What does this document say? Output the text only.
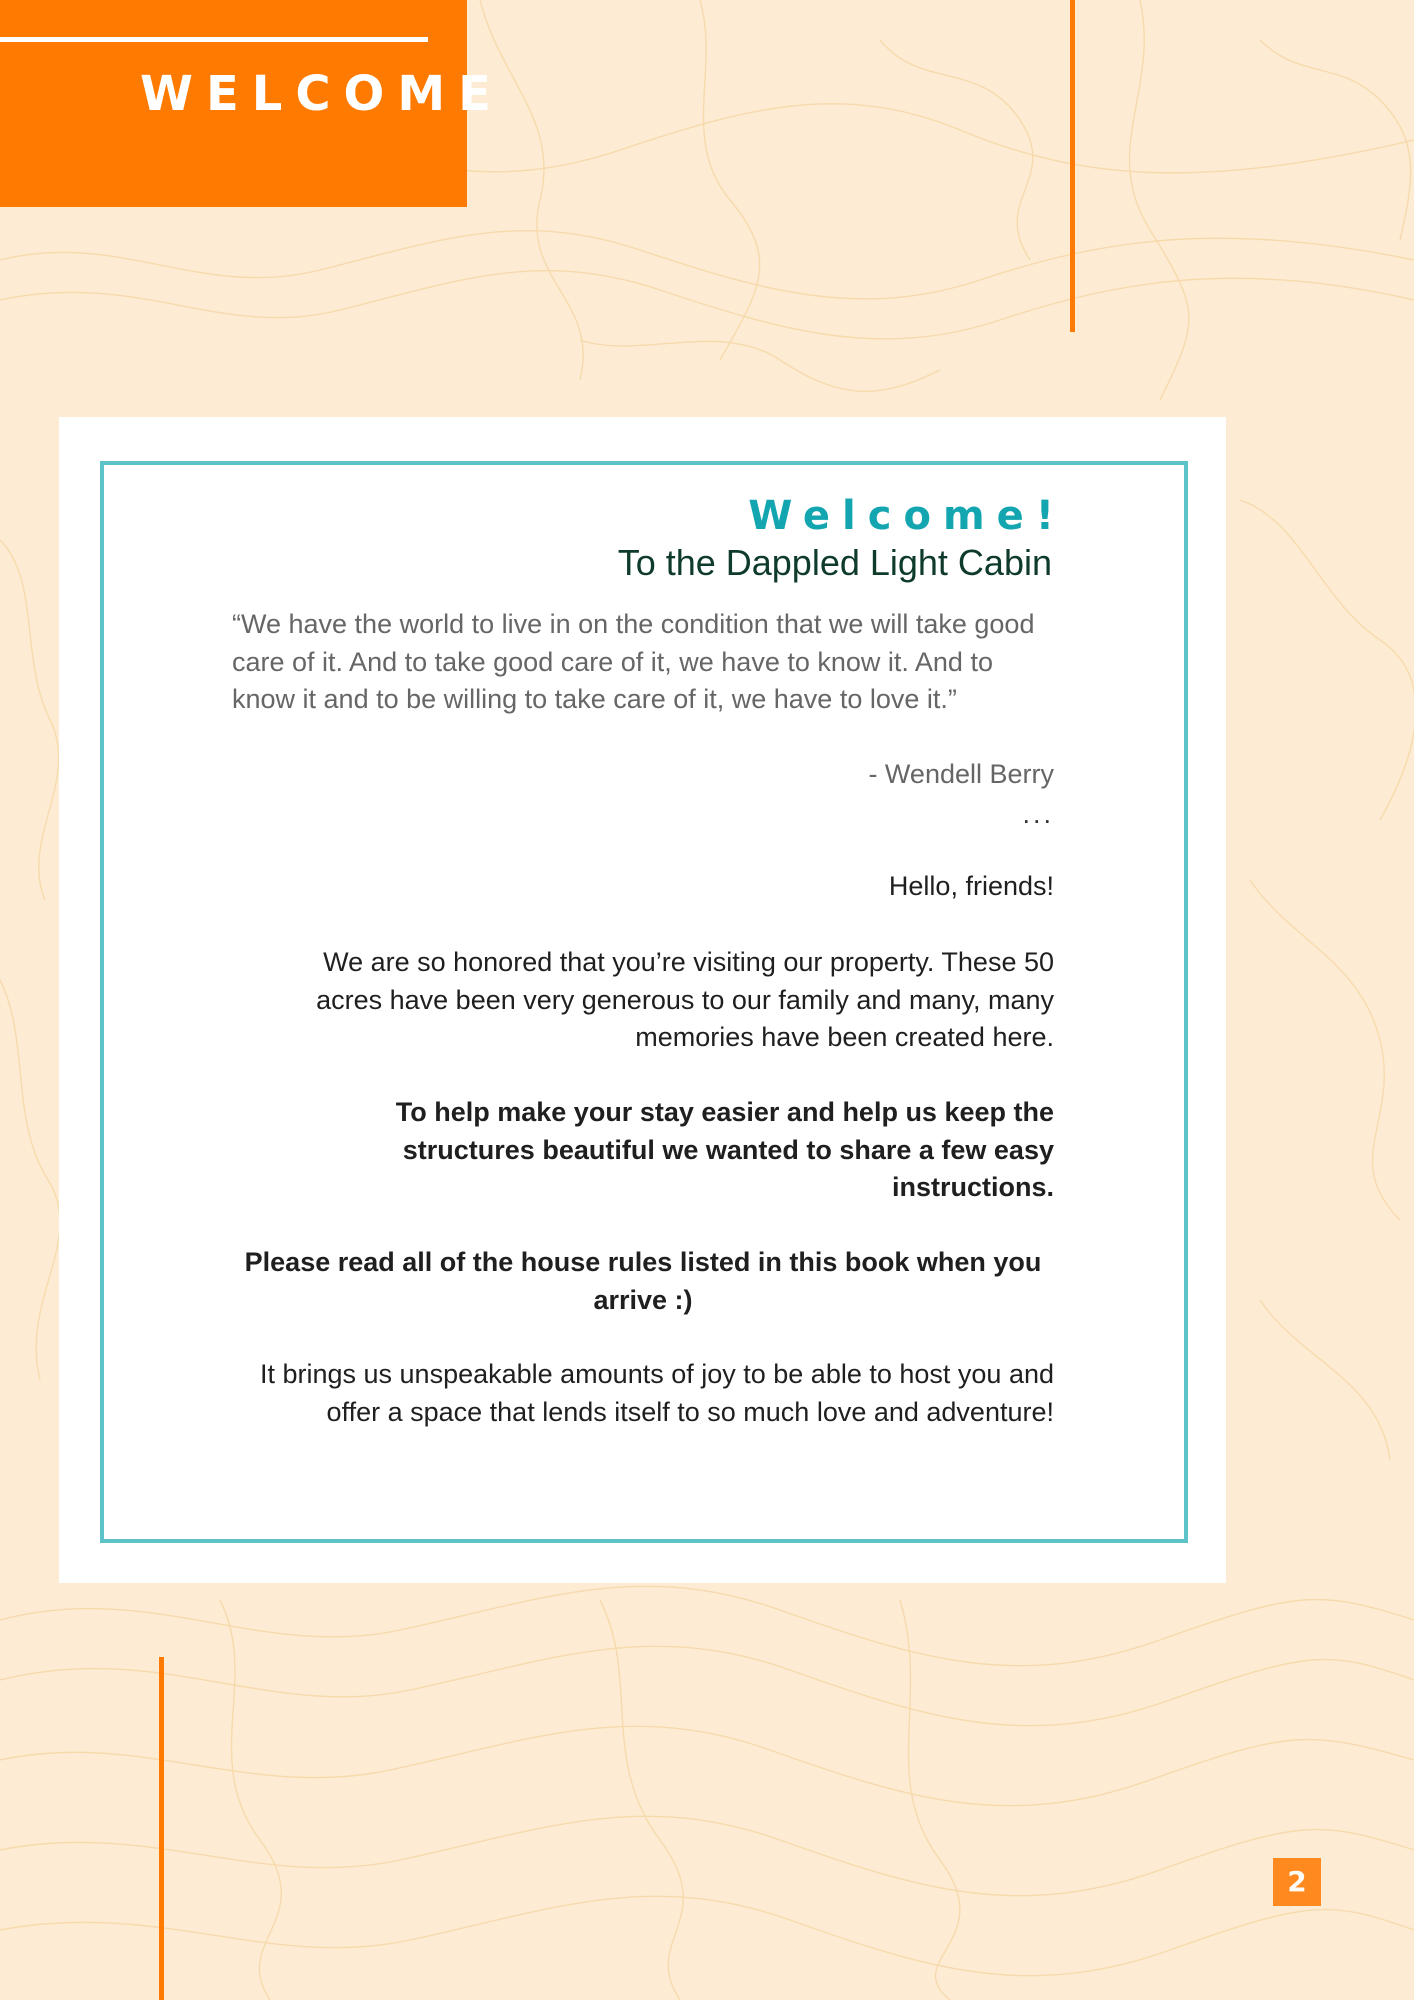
WELCOME
Welcome!
To the Dappled Light Cabin
“We have the world to live in on the condition that we will take good care of it. And to take good care of it, we have to know it. And to know it and to be willing to take care of it, we have to love it.”
- Wendell Berry
...
Hello, friends!
We are so honored that you’re visiting our property. These 50 acres have been very generous to our family and many, many memories have been created here.
To help make your stay easier and help us keep the structures beautiful we wanted to share a few easy instructions.
Please read all of the house rules listed in this book when you arrive :)
It brings us unspeakable amounts of joy to be able to host you and offer a space that lends itself to so much love and adventure!
2
